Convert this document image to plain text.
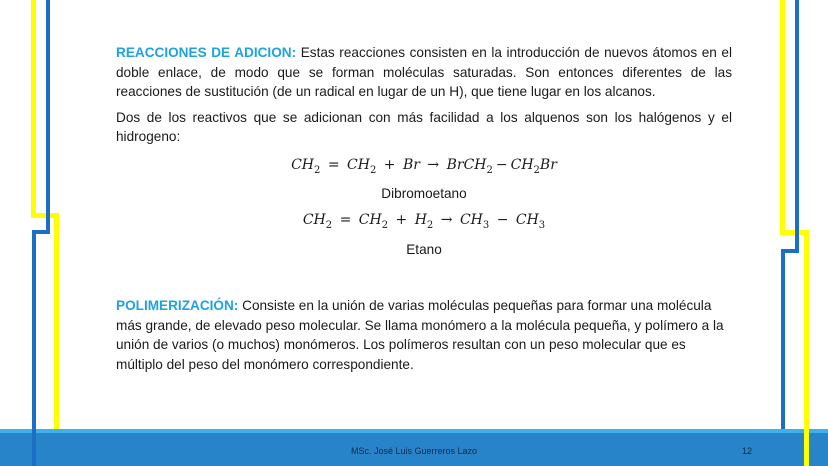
REACCIONES DE ADICION: Estas reacciones consisten en la introducción de nuevos átomos en el doble enlace, de modo que se forman moléculas saturadas. Son entonces diferentes de las reacciones de sustitución (de un radical en lugar de un H), que tiene lugar en los alcanos.

Dos de los reactivos que se adicionan con más facilidad a los alquenos son los halógenos y el hidrogeno:

$CH_2 = CH_2 + Br$ → BrCH$_2$ − $CH_2Br$
Dibromoetano
$CH_2 = CH_2 + H_2 \to CH_3 - CH_3$
Etano

POLIMERIZACIÓN: Consiste en la unión de varias moléculas pequeñas para formar una molécula más grande, de elevado peso molecular. Se llama monómero a la molécula pequeña, y polímero a la unión de varios (o muchos) monómeros. Los polímeros resultan con un peso molecular que es múltiplo del peso del monómero correspondiente.

MSc. José Luis Guerreros Lazo	12
